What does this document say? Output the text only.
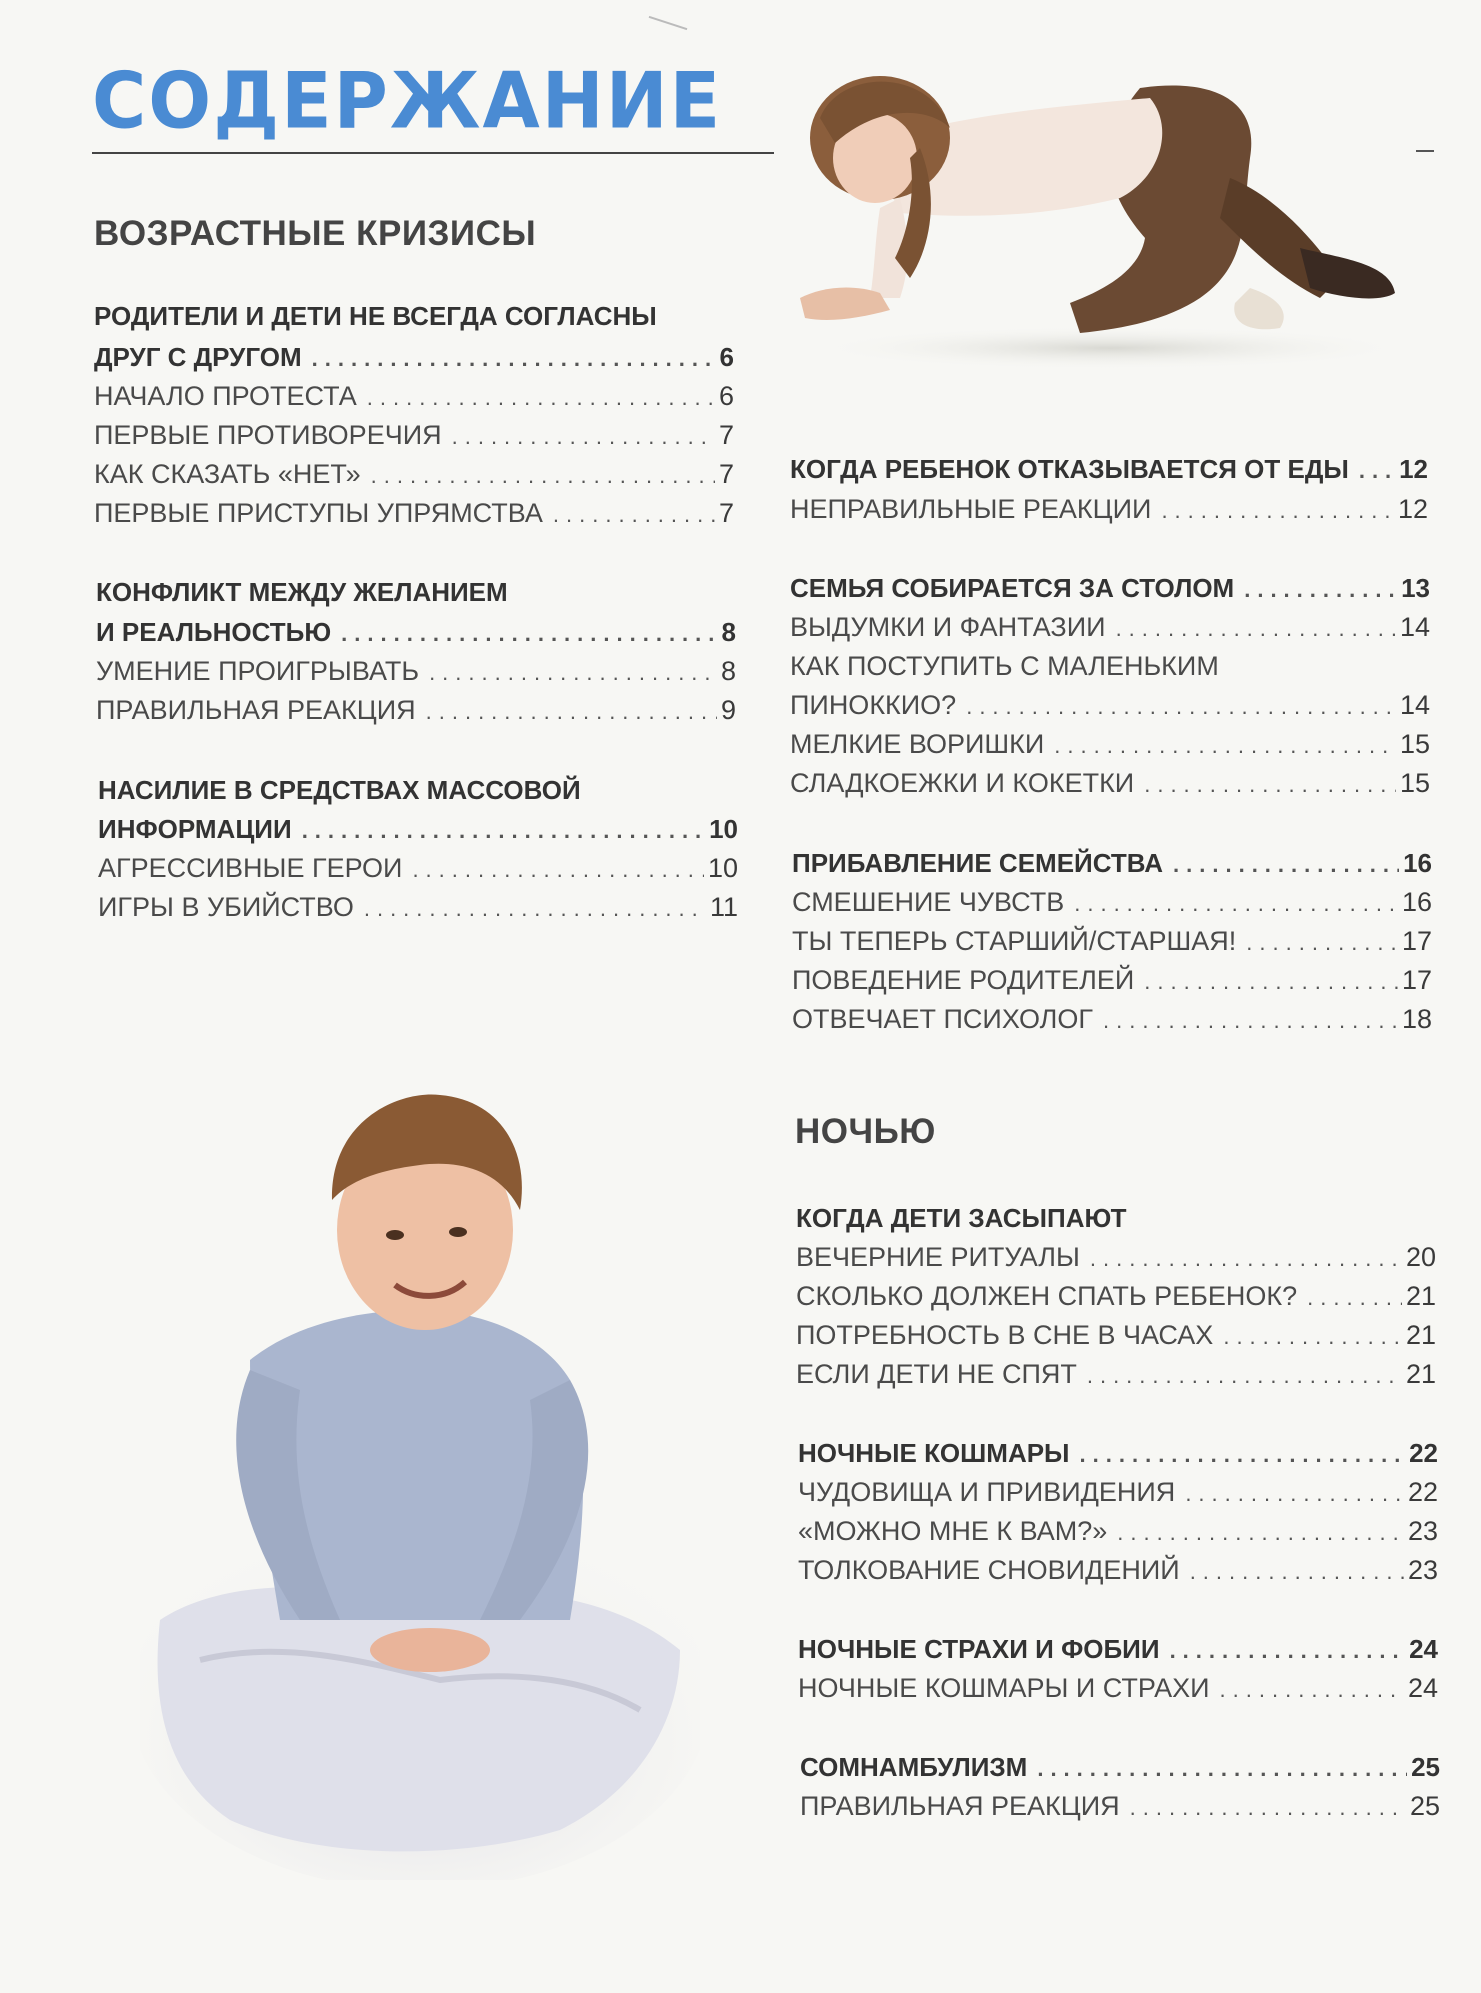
СОДЕРЖАНИЕ
ВОЗРАСТНЫЕ КРИЗИСЫ
РОДИТЕЛИ И ДЕТИ НЕ ВСЕГДА СОГЛАСНЫ
ДРУГ С ДРУГОМ .....	6
НАЧАЛО ПРОТЕСТА .....	6
ПЕРВЫЕ ПРОТИВОРЕЧИЯ .....	7
КАК СКАЗАТЬ «НЕТ» .....	7
ПЕРВЫЕ ПРИСТУПЫ УПРЯМСТВА .....	7
КОНФЛИКТ МЕЖДУ ЖЕЛАНИЕМ
И РЕАЛЬНОСТЬЮ .....	8
УМЕНИЕ ПРОИГРЫВАТЬ .....	8
ПРАВИЛЬНАЯ РЕАКЦИЯ .....	9
НАСИЛИЕ В СРЕДСТВАХ МАССОВОЙ
ИНФОРМАЦИИ .....	10
АГРЕССИВНЫЕ ГЕРОИ .....	10
ИГРЫ В УБИЙСТВО .....	11
КОГДА РЕБЕНОК ОТКАЗЫВАЕТСЯ ОТ ЕДЫ ..... 12
НЕПРАВИЛЬНЫЕ РЕАКЦИИ .....	12
СЕМЬЯ СОБИРАЕТСЯ ЗА СТОЛОМ .....	13
ВЫДУМКИ И ФАНТАЗИИ .....	14
КАК ПОСТУПИТЬ С МАЛЕНЬКИМ
ПИНОККИО? .....	14
МЕЛКИЕ ВОРИШКИ .....	15
СЛАДКОЕЖКИ И КОКЕТКИ .....	15
ПРИБАВЛЕНИЕ СЕМЕЙСТВА .....	16
СМЕШЕНИЕ ЧУВСТВ .....	16
ТЫ ТЕПЕРЬ СТАРШИЙ/СТАРШАЯ! .....	17
ПОВЕДЕНИЕ РОДИТЕЛЕЙ .....	17
ОТВЕЧАЕТ ПСИХОЛОГ .....	18
НОЧЬЮ
КОГДА ДЕТИ ЗАСЫПАЮТ
ВЕЧЕРНИЕ РИТУАЛЫ .....	20
СКОЛЬКО ДОЛЖЕН СПАТЬ РЕБЕНОК? .....	21
ПОТРЕБНОСТЬ В СНЕ В ЧАСАХ .....	21
ЕСЛИ ДЕТИ НЕ СПЯТ .....	21
НОЧНЫЕ КОШМАРЫ .....	22
ЧУДОВИЩА И ПРИВИДЕНИЯ .....	22
«МОЖНО МНЕ К ВАМ?» .....	23
ТОЛКОВАНИЕ СНОВИДЕНИЙ .....	23
НОЧНЫЕ СТРАХИ И ФОБИИ .....	24
НОЧНЫЕ КОШМАРЫ И СТРАХИ .....	24
СОМНАМБУЛИЗМ .....	25
ПРАВИЛЬНАЯ РЕАКЦИЯ .....	25
